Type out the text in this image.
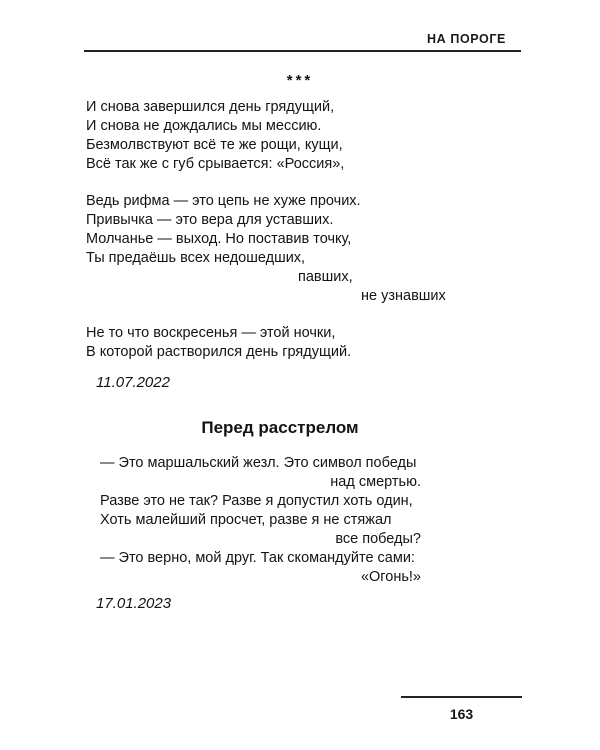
НА ПОРОГЕ
***
И снова завершился день грядущий,
И снова не дождались мы мессию.
Безмолвствуют всё те же рощи, кущи,
Всё так же с губ срывается: «Россия»,
Ведь рифма — это цепь не хуже прочих.
Привычка — это вера для уставших.
Молчанье — выход. Но поставив точку,
Ты предаёшь всех недошедших,
павших,
не узнавших
Не то что воскресенья — этой ночки,
В которой растворился день грядущий.
11.07.2022
Перед расстрелом
— Это маршальский жезл. Это символ победы
над смертью.
Разве это не так? Разве я допустил хоть один,
Хоть малейший просчет, разве я не стяжал
все победы?
— Это верно, мой друг. Так скомандуйте сами:
«Огонь!»
17.01.2023
163
